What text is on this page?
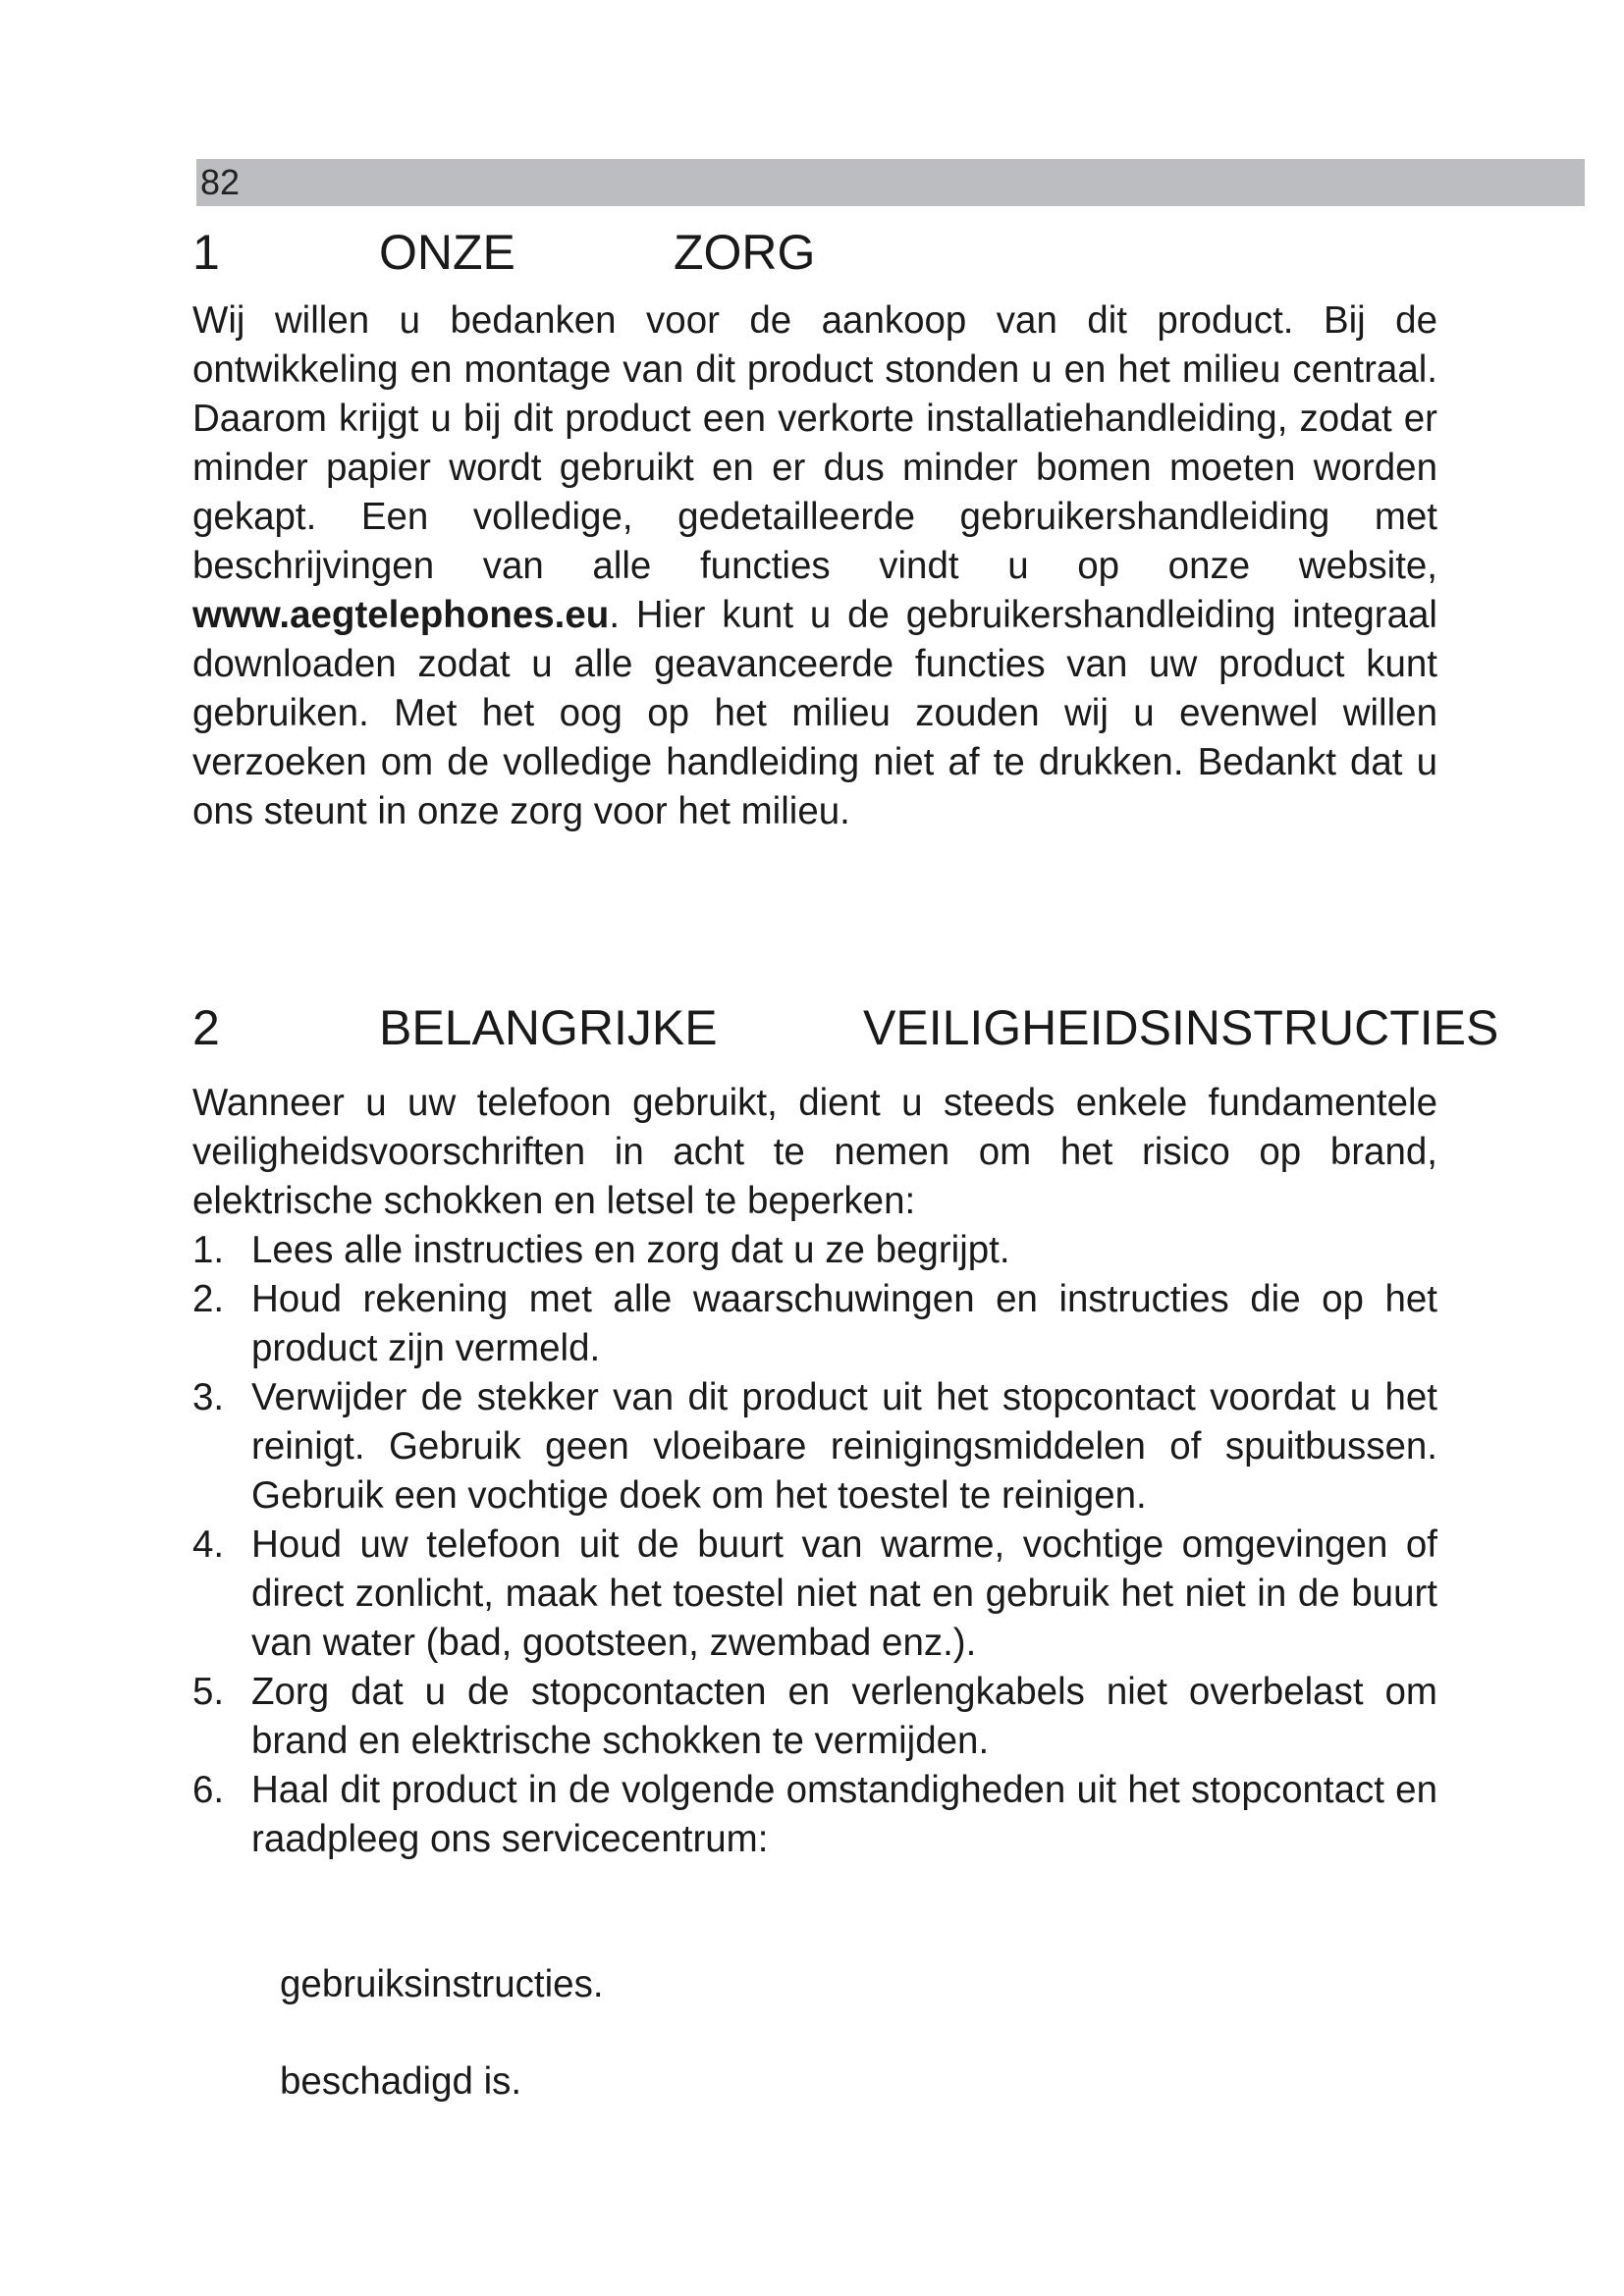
82
1	ONZE	ZORG

Wij willen u bedanken voor de aankoop van dit product. Bij de ontwikkeling en montage van dit product stonden u en het milieu centraal. Daarom krijgt u bij dit product een verkorte installatiehandleiding, zodat er minder papier wordt gebruikt en er dus minder bomen moeten worden gekapt. Een volledige, gedetailleerde gebruikershandleiding met beschrijvingen van alle functies vindt u op onze website, www.aegtelephones.eu. Hier kunt u de gebruikershandleiding integraal downloaden zodat u alle geavanceerde functies van uw product kunt gebruiken. Met het oog op het milieu zouden wij u evenwel willen verzoeken om de volledige handleiding niet af te drukken. Bedankt dat u ons steunt in onze zorg voor het milieu.

2	BELANGRIJKE	VEILIGHEIDSINSTRUCTIES

Wanneer u uw telefoon gebruikt, dient u steeds enkele fundamentele veiligheidsvoorschriften in acht te nemen om het risico op brand, elektrische schokken en letsel te beperken:

1. Lees alle instructies en zorg dat u ze begrijpt.
2. Houd rekening met alle waarschuwingen en instructies die op het product zijn vermeld.
3. Verwijder de stekker van dit product uit het stopcontact voordat u het reinigt. Gebruik geen vloeibare reinigingsmiddelen of spuitbussen. Gebruik een vochtige doek om het toestel te reinigen.
4. Houd uw telefoon uit de buurt van warme, vochtige omgevingen of direct zonlicht, maak het toestel niet nat en gebruik het niet in de buurt van water (bad, gootsteen, zwembad enz.).
5. Zorg dat u de stopcontacten en verlengkabels niet overbelast om brand en elektrische schokken te vermijden.
6. Haal dit product in de volgende omstandigheden uit het stopcontact en raadpleeg ons servicecentrum:
gebruiksinstructies.
beschadigd is.
